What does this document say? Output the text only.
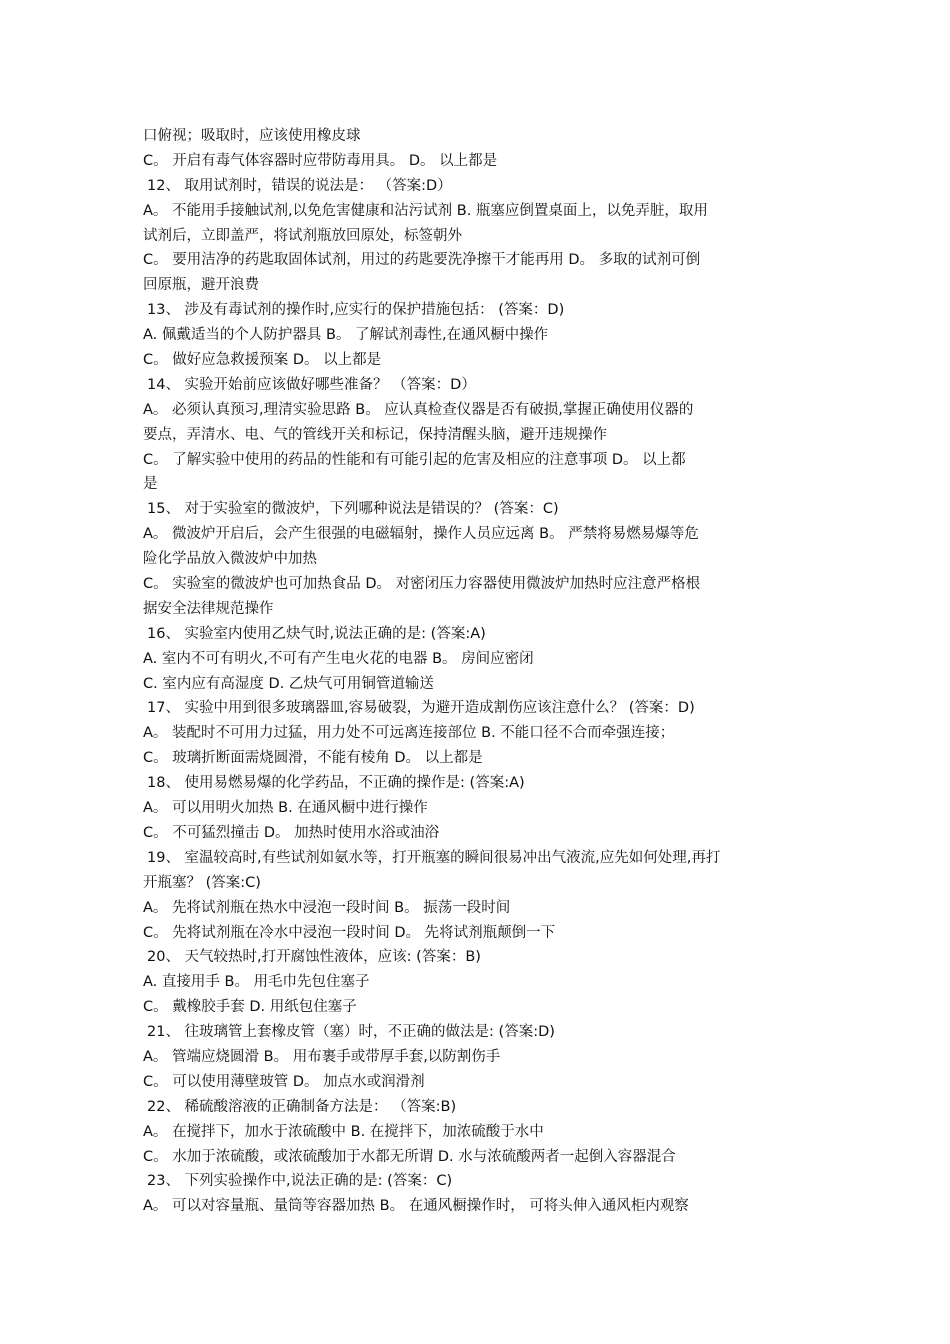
口俯视；吸取时，应该使用橡皮球
C。 开启有毒气体容器时应带防毒用具。 D。 以上都是
12、 取用试剂时，错误的说法是： （答案:D）
A。 不能用手接触试剂,以免危害健康和沾污试剂 B. 瓶塞应倒置桌面上，以免弄脏，取用
试剂后，立即盖严，将试剂瓶放回原处，标签朝外
C。 要用洁净的药匙取固体试剂，用过的药匙要洗净擦干才能再用 D。 多取的试剂可倒
回原瓶，避开浪费
13、 涉及有毒试剂的操作时,应实行的保护措施包括： (答案：D)
A. 佩戴适当的个人防护器具 B。 了解试剂毒性,在通风橱中操作
C。 做好应急救援预案 D。 以上都是
14、 实验开始前应该做好哪些准备？ （答案：D）
A。 必须认真预习,理清实验思路 B。 应认真检查仪器是否有破损,掌握正确使用仪器的
要点，弄清水、电、气的管线开关和标记，保持清醒头脑，避开违规操作
C。 了解实验中使用的药品的性能和有可能引起的危害及相应的注意事项 D。 以上都
是
15、 对于实验室的微波炉，下列哪种说法是错误的？ (答案：C)
A。 微波炉开启后，会产生很强的电磁辐射，操作人员应远离 B。 严禁将易燃易爆等危
险化学品放入微波炉中加热
C。 实验室的微波炉也可加热食品 D。 对密闭压力容器使用微波炉加热时应注意严格根
据安全法律规范操作
16、 实验室内使用乙炔气时,说法正确的是: (答案:A)
A. 室内不可有明火,不可有产生电火花的电器 B。 房间应密闭
C. 室内应有高湿度 D. 乙炔气可用铜管道输送
17、 实验中用到很多玻璃器皿,容易破裂，为避开造成割伤应该注意什么？ (答案：D)
A。 装配时不可用力过猛，用力处不可远离连接部位 B. 不能口径不合而牵强连接；
C。 玻璃折断面需烧圆滑，不能有棱角 D。 以上都是
18、 使用易燃易爆的化学药品，不正确的操作是: (答案:A)
A。 可以用明火加热 B. 在通风橱中进行操作
C。 不可猛烈撞击 D。 加热时使用水浴或油浴
19、 室温较高时,有些试剂如氨水等，打开瓶塞的瞬间很易冲出气液流,应先如何处理,再打
开瓶塞？ (答案:C)
A。 先将试剂瓶在热水中浸泡一段时间 B。 振荡一段时间
C。 先将试剂瓶在冷水中浸泡一段时间 D。 先将试剂瓶颠倒一下
20、 天气较热时,打开腐蚀性液体，应该: (答案：B)
A. 直接用手 B。 用毛巾先包住塞子
C。 戴橡胶手套 D. 用纸包住塞子
21、 往玻璃管上套橡皮管（塞）时，不正确的做法是: (答案:D)
A。 管端应烧圆滑 B。 用布裹手或带厚手套,以防割伤手
C。 可以使用薄壁玻管 D。 加点水或润滑剂
22、 稀硫酸溶液的正确制备方法是： （答案:B)
A。 在搅拌下，加水于浓硫酸中 B. 在搅拌下，加浓硫酸于水中
C。 水加于浓硫酸，或浓硫酸加于水都无所谓 D. 水与浓硫酸两者一起倒入容器混合
23、 下列实验操作中,说法正确的是: (答案：C)
A。 可以对容量瓶、量筒等容器加热 B。 在通风橱操作时， 可将头伸入通风柜内观察
